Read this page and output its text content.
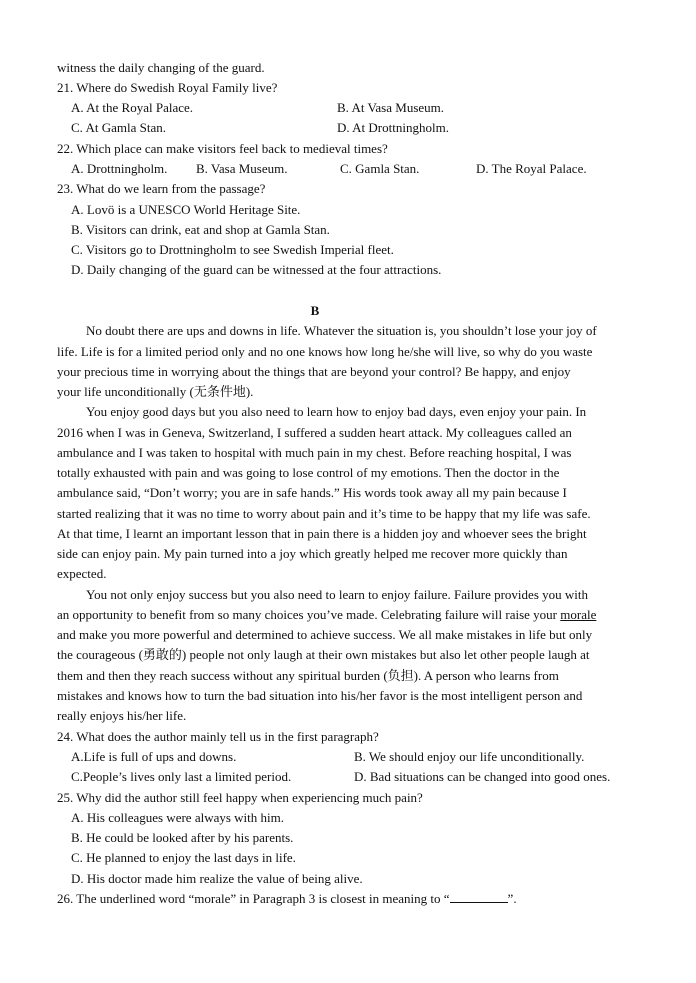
witness the daily changing of the guard.
21. Where do Swedish Royal Family live?
A. At the Royal Palace.	B. At Vasa Museum.
C. At Gamla Stan.	D. At Drottningholm.
22. Which place can make visitors feel back to medieval times?
A. Drottningholm. B. Vasa Museum.	C. Gamla Stan.	D. The Royal Palace.
23. What do we learn from the passage?
A. Lovö is a UNESCO World Heritage Site.
B. Visitors can drink, eat and shop at Gamla Stan.
C. Visitors go to Drottningholm to see Swedish Imperial fleet.
D. Daily changing of the guard can be witnessed at the four attractions.
B
No doubt there are ups and downs in life. Whatever the situation is, you shouldn’t lose your joy of
life. Life is for a limited period only and no one knows how long he/she will live, so why do you waste
your precious time in worrying about the things that are beyond your control? Be happy, and enjoy
your life unconditionally (无条件地).
You enjoy good days but you also need to learn how to enjoy bad days, even enjoy your pain. In
2016 when I was in Geneva, Switzerland, I suffered a sudden heart attack. My colleagues called an
ambulance and I was taken to hospital with much pain in my chest. Before reaching hospital, I was
totally exhausted with pain and was going to lose control of my emotions. Then the doctor in the
ambulance said, “Don’t worry; you are in safe hands.” His words took away all my pain because I
started realizing that it was no time to worry about pain and it’s time to be happy that my life was safe.
At that time, I learnt an important lesson that in pain there is a hidden joy and whoever sees the bright
side can enjoy pain. My pain turned into a joy which greatly helped me recover more quickly than
expected.
You not only enjoy success but you also need to learn to enjoy failure. Failure provides you with
an opportunity to benefit from so many choices you’ve made. Celebrating failure will raise your morale
and make you more powerful and determined to achieve success. We all make mistakes in life but only
the courageous (勇敢的) people not only laugh at their own mistakes but also let other people laugh at
them and then they reach success without any spiritual burden (负担). A person who learns from
mistakes and knows how to turn the bad situation into his/her favor is the most intelligent person and
really enjoys his/her life.
24. What does the author mainly tell us in the first paragraph?
A.Life is full of ups and downs.	B. We should enjoy our life unconditionally.
C.People’s lives only last a limited period.	D. Bad situations can be changed into good ones.
25. Why did the author still feel happy when experiencing much pain?
A. His colleagues were always with him.
B. He could be looked after by his parents.
C. He planned to enjoy the last days in life.
D. His doctor made him realize the value of being alive.
26. The underlined word “morale” in Paragraph 3 is closest in meaning to “	”.
